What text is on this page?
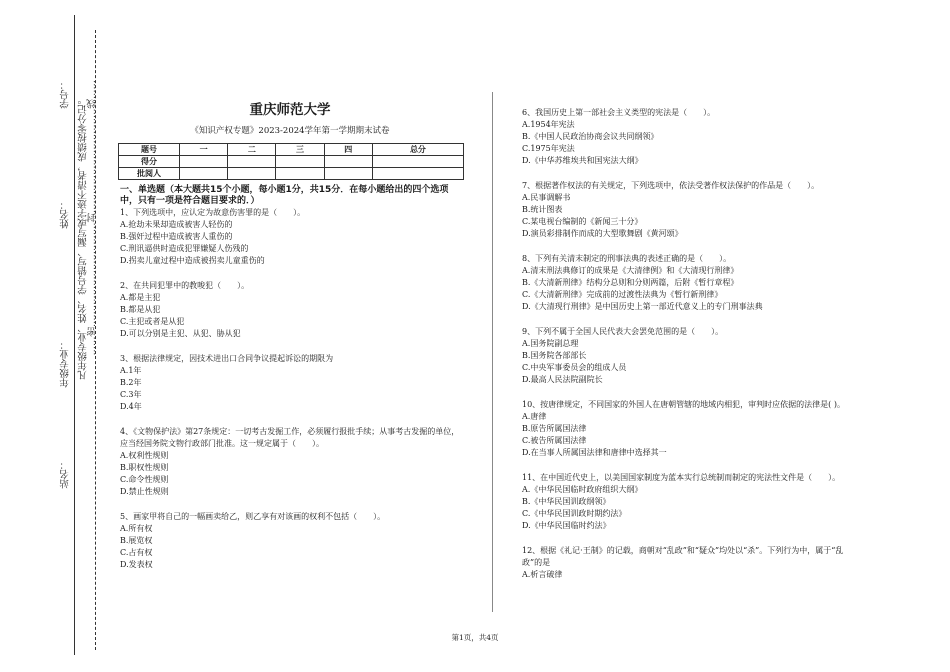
学号：
姓名：
年级专业：
站名：
凡年级专业、姓名、学号错写、漏写或字迹不清者，成绩按零分记。
……密……………………………封……………………………线……	重庆师范大学
《知识产权专题》2023-2024学年第一学期期末试卷
题号	一	二	三	四	总分
得分					
批阅人					
一、单选题（本大题共15个小题，每小题1分，共15分．在每小题给出的四个选项中，只有一项是符合题目要求的．）
1、下列选项中，应认定为故意伤害罪的是（　　）。
A.抢劫未果却造成被害人轻伤的
B.强奸过程中造成被害人重伤的
C.刑讯逼供时造成犯罪嫌疑人伤残的
D.拐卖儿童过程中造成被拐卖儿童重伤的
2、在共同犯罪中的教唆犯（　　）。
A.都是主犯
B.都是从犯
C.主犯或者是从犯
D.可以分别是主犯、从犯、胁从犯
3、根据法律规定，因技术进出口合同争议提起诉讼的期限为
A.1年
B.2年
C.3年
D.4年
4、《文物保护法》第27条规定：一切考古发掘工作，必须履行报批手续；从事考古发掘的单位，应当经国务院文物行政部门批准。这一规定属于（　　）。
A.权利性规则
B.职权性规则
C.命令性规则
D.禁止性规则
5、画家甲将自己的一幅画卖给乙，则乙享有对该画的权利不包括（　　）。
A.所有权
B.展览权
C.占有权
D.发表权
6、我国历史上第一部社会主义类型的宪法是（　　）。
A.1954年宪法
B.《中国人民政治协商会议共同纲领》
C.1975年宪法
D.《中华苏维埃共和国宪法大纲》
7、根据著作权法的有关规定，下列选项中，依法受著作权法保护的作品是（　　）。
A.民事调解书
B.统计图表
C.某电视台编制的《新闻三十分》
D.演员彩排制作而成的大型歌舞剧《黄河颂》
8、下列有关清末制定的刑事法典的表述正确的是（　　）。
A.清末刑法典修订的成果是《大清律例》和《大清现行刑律》
B.《大清新刑律》结构分总则和分则两篇，后附《暂行章程》
C.《大清新刑律》完成前的过渡性法典为《暂行新刑律》
D.《大清现行刑律》是中国历史上第一部近代意义上的专门刑事法典
9、下列不属于全国人民代表大会罢免范围的是（　　）。
A.国务院副总理
B.国务院各部部长
C.中央军事委员会的组成人员
D.最高人民法院副院长
10、按唐律规定，不同国家的外国人在唐朝管辖的地域内相犯，审判时应依据的法律是( )。
A.唐律
B.原告所属国法律
C.被告所属国法律
D.在当事人所属国法律和唐律中选择其一
11、在中国近代史上，以美国国家制度为蓝本实行总统制而制定的宪法性文件是（　　）。
A.《中华民国临时政府组织大纲》
B.《中华民国训政纲领》
C.《中华民国训政时期约法》
D.《中华民国临时约法》
12、根据《礼记·王制》的记载，商朝对“乱政”和“疑众”均处以“杀”。下列行为中，属于“乱政”的是
A.析言破律
第1页，共4页
